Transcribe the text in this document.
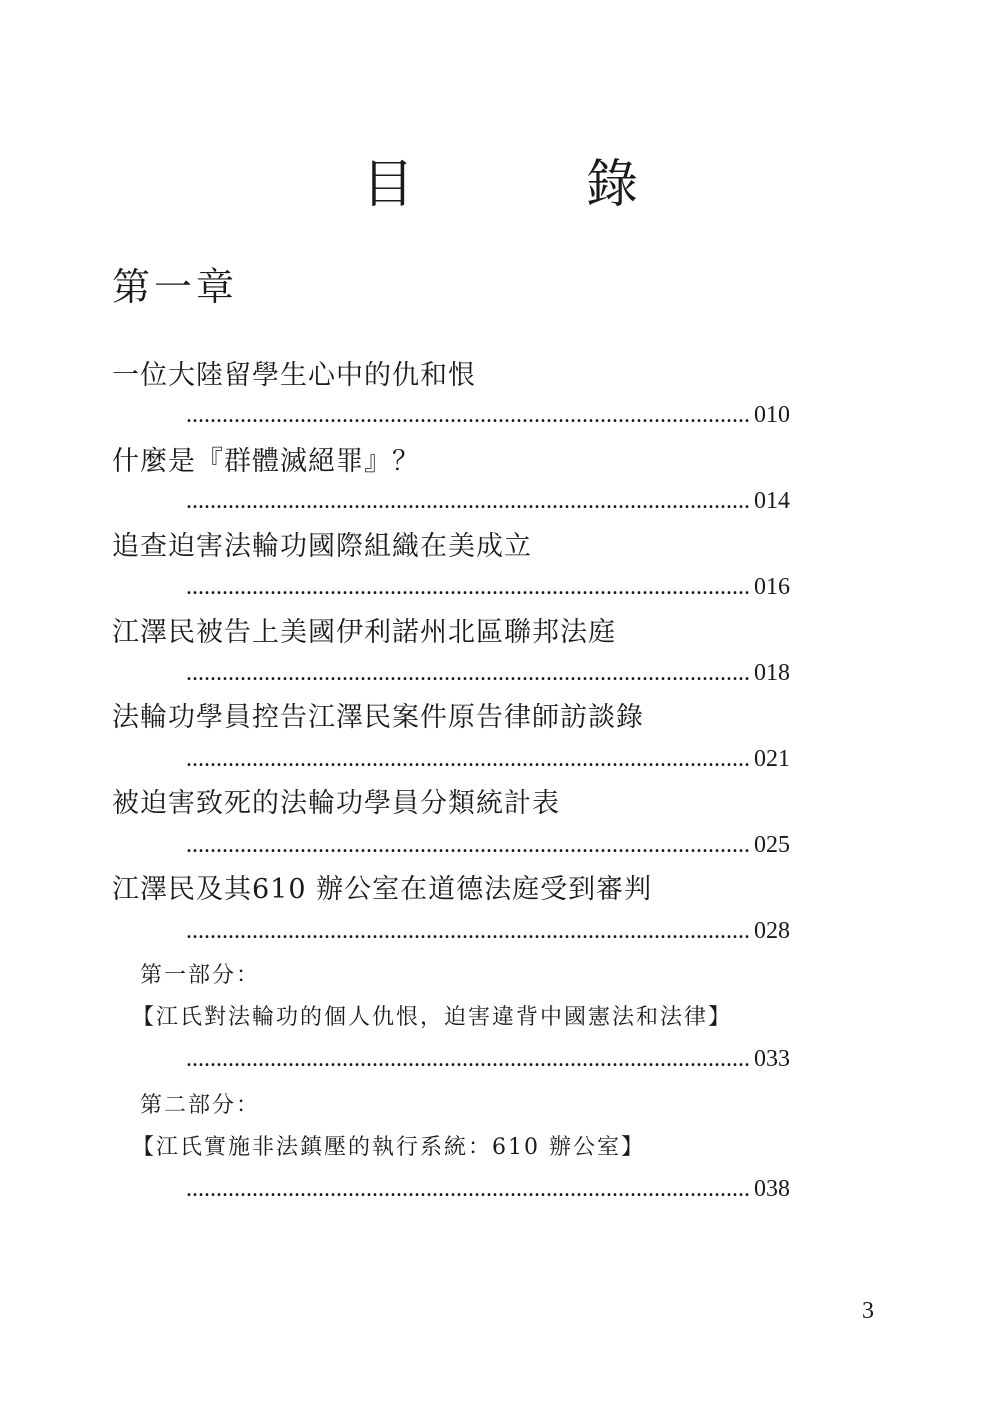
目　錄
第一章
一位大陸留學生心中的仇和恨
.....
010
什麼是『群體滅絕罪』？
.....
014
追查迫害法輪功國際組織在美成立
.....
016
江澤民被告上美國伊利諾州北區聯邦法庭
.....
018
法輪功學員控告江澤民案件原告律師訪談錄
.....
021
被迫害致死的法輪功學員分類統計表
.....
025
江澤民及其610 辦公室在道德法庭受到審判
.....
028
第一部分：
【江氏對法輪功的個人仇恨，迫害違背中國憲法和法律】
.....
033
第二部分：
【江氏實施非法鎮壓的執行系統：610 辦公室】
.....
038
3
